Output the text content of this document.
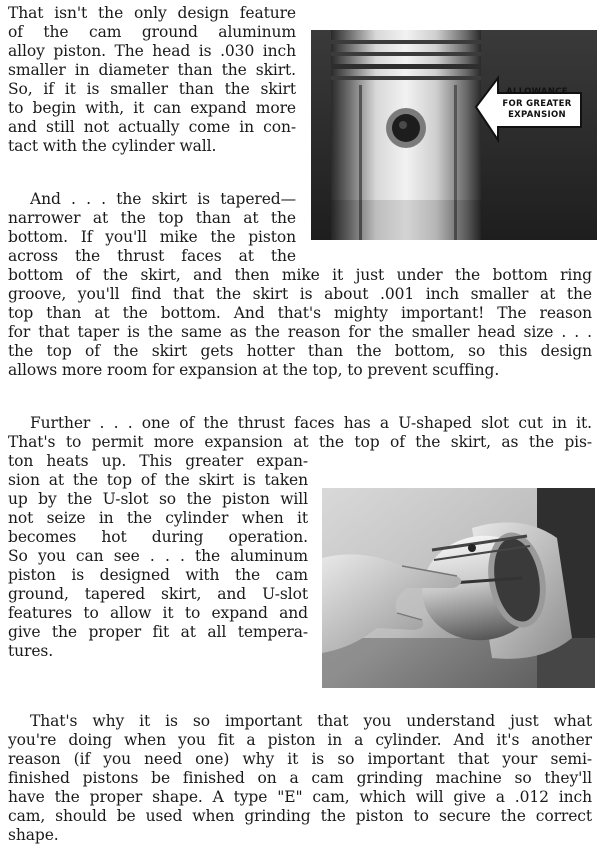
That isn't the only design feature
of the cam ground aluminum
alloy piston. The head is .030 inch
smaller in diameter than the skirt.
So, if it is smaller than the skirt
to begin with, it can expand more
and still not actually come in con-
tact with the cylinder wall.
And . . . the skirt is tapered—
narrower at the top than at the
bottom. If you'll mike the piston
across the thrust faces at the
bottom of the skirt, and then mike it just under the bottom ring
groove, you'll find that the skirt is about .001 inch smaller at the
top than at the bottom. And that's mighty important! The reason
for that taper is the same as the reason for the smaller head size . . .
the top of the skirt gets hotter than the bottom, so this design
allows more room for expansion at the top, to prevent scuffing.
Further . . . one of the thrust faces has a U-shaped slot cut in it.
That's to permit more expansion at the top of the skirt, as the pis-
ton heats up. This greater expan-
sion at the top of the skirt is taken
up by the U-slot so the piston will
not seize in the cylinder when it
becomes hot during operation.
So you can see . . . the aluminum
piston is designed with the cam
ground, tapered skirt, and U-slot
features to allow it to expand and
give the proper fit at all tempera-
tures.
That's why it is so important that you understand just what
you're doing when you fit a piston in a cylinder. And it's another
reason (if you need one) why it is so important that your semi-
finished pistons be finished on a cam grinding machine so they'll
have the proper shape. A type "E" cam, which will give a .012 inch
cam, should be used when grinding the piston to secure the correct
shape.
ALLOWANCE
FOR GREATER
EXPANSION
